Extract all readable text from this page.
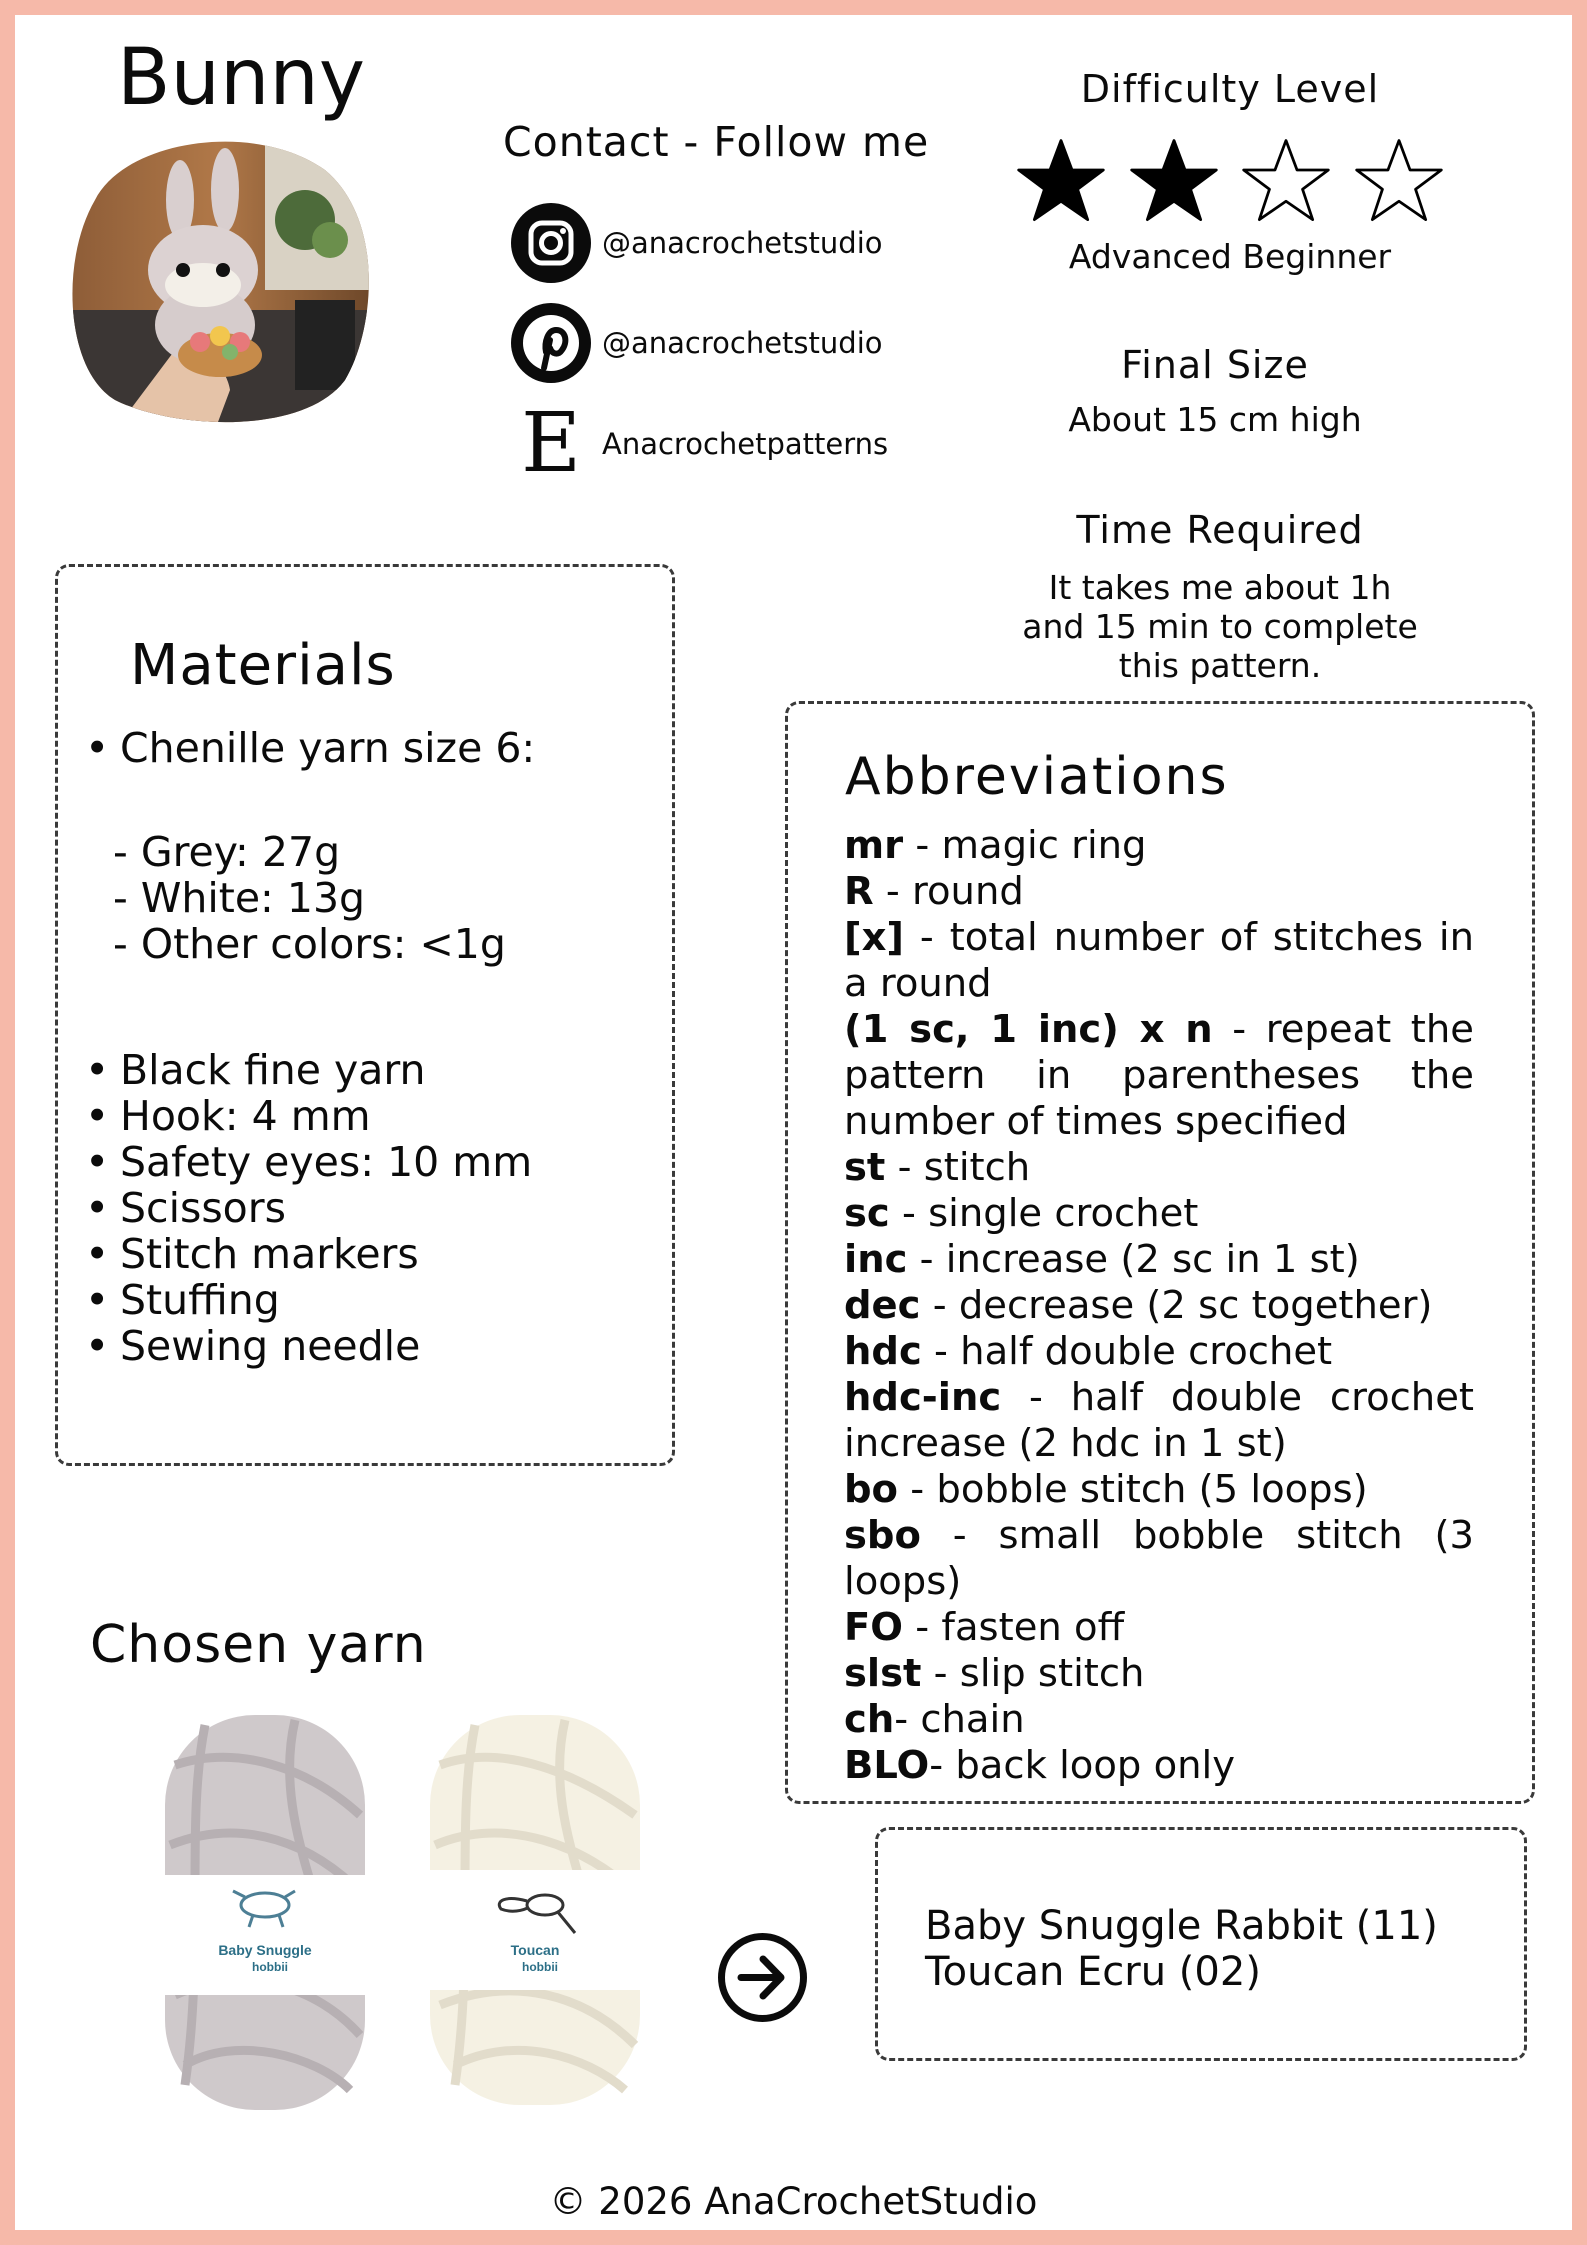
Bunny
Contact - Follow me
@anacrochetstudio
@anacrochetstudio
E Anacrochetpatterns
Difficulty Level
Advanced Beginner
Final Size
About 15 cm high
Time Required
It takes me about 1h
and 15 min to complete
this pattern.
Materials
• Chenille yarn size 6:
- Grey: 27g
- White: 13g
- Other colors: <1g
• Black fine yarn
• Hook: 4 mm
• Safety eyes: 10 mm
• Scissors
• Stitch markers
• Stuffing
• Sewing needle
Abbreviations
mr - magic ring
R - round
[x] - total number of stitches in a round
(1 sc, 1 inc) x n - repeat the pattern in parentheses the number of times specified
st - stitch
sc - single crochet
inc - increase (2 sc in 1 st)
dec - decrease (2 sc together)
hdc - half double crochet
hdc-inc - half double crochet increase (2 hdc in 1 st)
bo - bobble stitch (5 loops)
sbo - small bobble stitch (3 loops)
FO - fasten off
slst - slip stitch
ch- chain
BLO- back loop only
Chosen yarn
Baby Snuggle
hobbii
Toucan
hobbii
Baby Snuggle Rabbit (11)
Toucan Ecru (02)
© 2026 AnaCrochetStudio
